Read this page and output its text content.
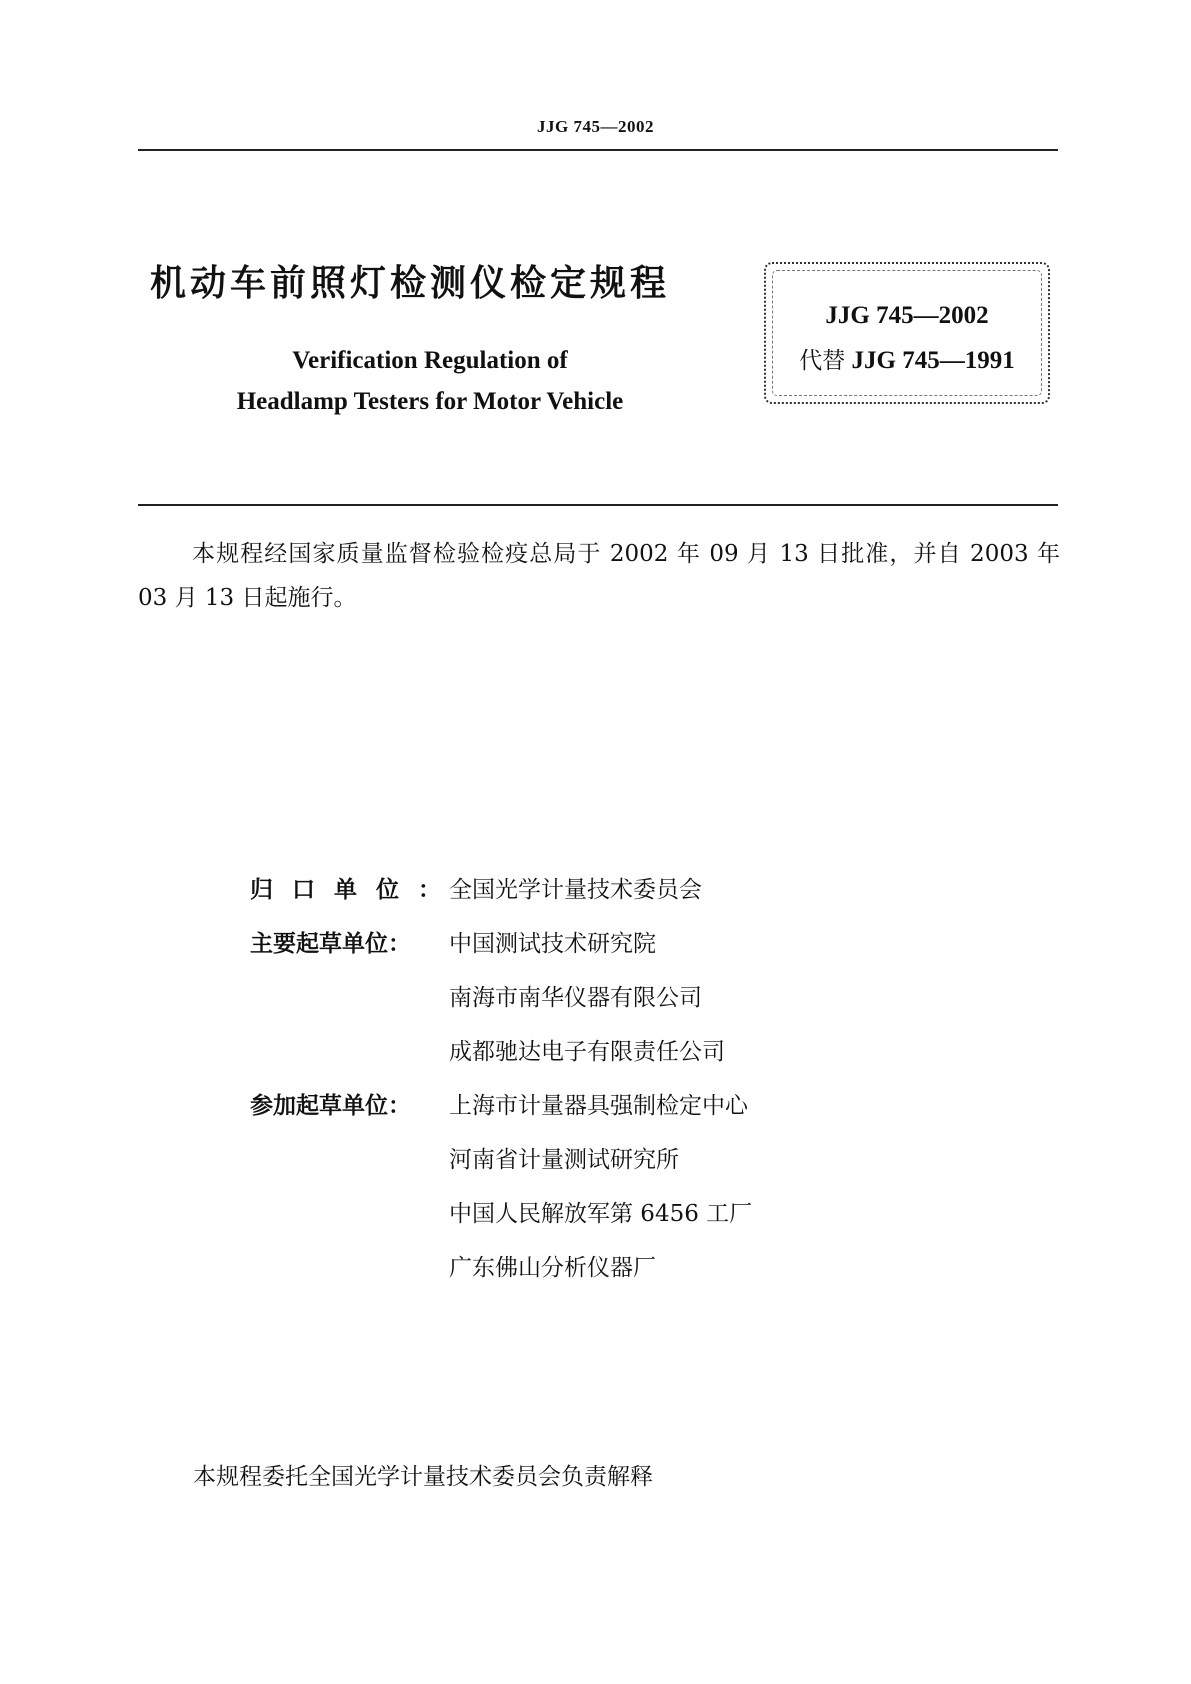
JJG 745—2002
机动车前照灯检测仪检定规程
Verification Regulation of
Headlamp Testers for Motor Vehicle
JJG 745—2002
代替 JJG 745—1991
本规程经国家质量监督检验检疫总局于 2002 年 09 月 13 日批准，并自 2003 年 03 月 13 日起施行。
归口单位：
全国光学计量技术委员会
主要起草单位：	中国测试技术研究院
南海市南华仪器有限公司
成都驰达电子有限责任公司
参加起草单位：	上海市计量器具强制检定中心
河南省计量测试研究所
中国人民解放军第 6456 工厂
广东佛山分析仪器厂
本规程委托全国光学计量技术委员会负责解释
